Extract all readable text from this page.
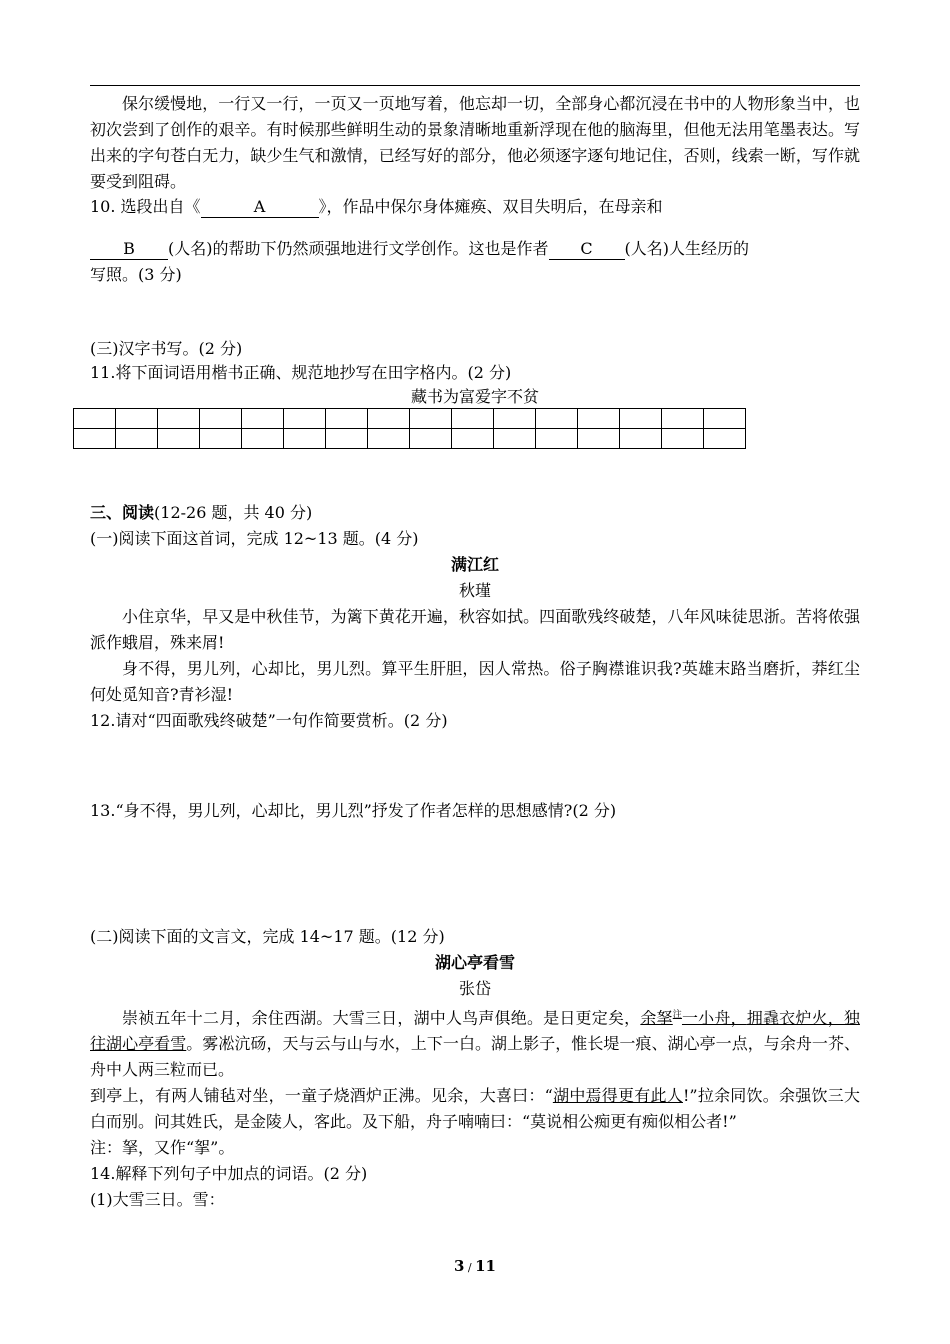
保尔缓慢地，一行又一行，一页又一页地写着，他忘却一切，全部身心都沉浸在书中的人物形象当中，也初次尝到了创作的艰辛。有时候那些鲜明生动的景象清晰地重新浮现在他的脑海里，但他无法用笔墨表达。写出来的字句苍白无力，缺少生气和激情，已经写好的部分，他必须逐字逐句地记住，否则，线索一断，写作就要受到阻碍。

10. 选段出自《	A	》，作品中保尔身体瘫痪、双目失明后，在母亲和

B (人名)的帮助下仍然顽强地进行文学创作。这也是作者 C (人名)人生经历的

写照。(3 分)

(三)汉字书写。(2 分)

11.将下面词语用楷书正确、规范地抄写在田字格内。(2 分)

藏书为富爱字不贫

三、阅读(12-26 题，共 40 分)

(一)阅读下面这首词，完成 12~13 题。(4 分)

满江红

秋瑾

小住京华，早又是中秋佳节，为篱下黄花开遍，秋容如拭。四面歌残终破楚，八年风味徒思浙。苦将侬强派作蛾眉，殊来屑!

身不得，男儿列，心却比，男儿烈。算平生肝胆，因人常热。俗子胸襟谁识我?英雄末路当磨折，莽红尘何处觅知音?青衫湿!

12.请对“四面歌残终破楚”一句作简要赏析。(2 分)

13.“身不得，男儿列，心却比，男儿烈”抒发了作者怎样的思想感情?(2 分)

(二)阅读下面的文言文，完成 14~17 题。(12 分)

湖心亭看雪

张岱

崇祯五年十二月，余住西湖。大雪三日，湖中人鸟声俱绝。是日更定矣，余拏$^注$一小舟，拥毳衣炉火，独往湖心亭看雪。雾凇沆砀，天与云与山与水，上下一白。湖上影子，惟长堤一痕、湖心亭一点，与余舟一芥、舟中人两三粒而已。

到亭上，有两人铺毡对坐，一童子烧酒炉正沸。见余，大喜曰：“湖中焉得更有此人!”拉余同饮。余强饮三大白而别。问其姓氏，是金陵人，客此。及下船，舟子喃喃曰：“莫说相公痴更有痴似相公者!”

注：拏，又作“挐”。

14.解释下列句子中加点的词语。(2 分)

(1)大雪三日。雪：

3 / 11
